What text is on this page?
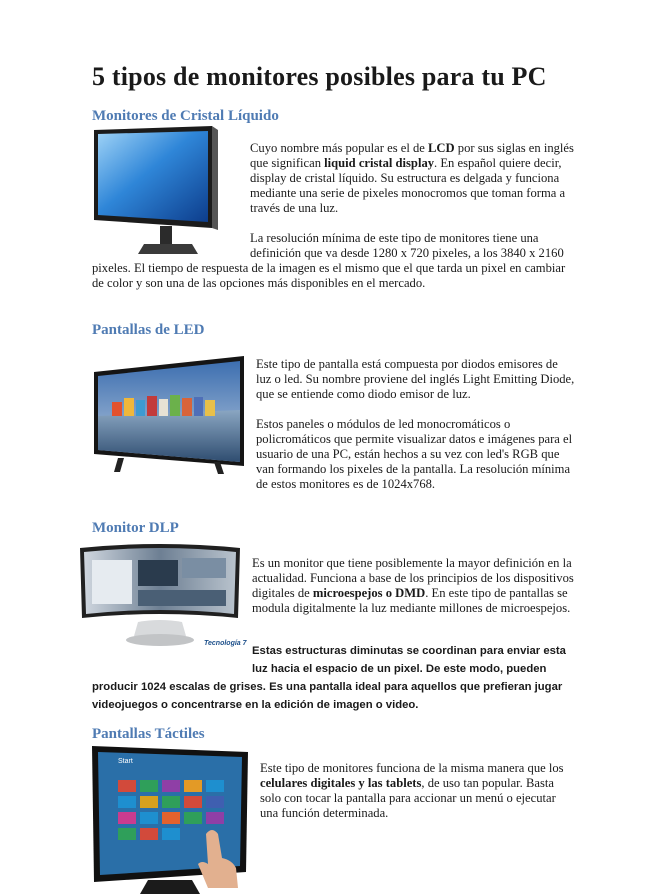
5 tipos de monitores posibles para tu PC
Monitores de Cristal Líquido

Cuyo nombre más popular es el de LCD por sus siglas en inglés que significan liquid cristal display. En español quiere decir, display de cristal líquido. Su estructura es delgada y funciona mediante una serie de pixeles monocromos que toman forma a través de una luz.

La resolución mínima de este tipo de monitores tiene una definición que va desde 1280 x 720 pixeles, a los 3840 x 2160 pixeles. El tiempo de respuesta de la imagen es el mismo que el que tarda un pixel en cambiar de color y son una de las opciones más disponibles en el mercado.

Pantallas de LED

Este tipo de pantalla está compuesta por diodos emisores de luz o led. Su nombre proviene del inglés Light Emitting Diode, que se entiende como diodo emisor de luz.

Estos paneles o módulos de led monocromáticos o policromáticos que permite visualizar datos e imágenes para el usuario de una PC, están hechos a su vez con led's RGB que van formando los pixeles de la pantalla. La resolución mínima de estos monitores es de 1024x768.

Monitor DLP
Tecnología 7
Es un monitor que tiene posiblemente la mayor definición en la actualidad. Funciona a base de los principios de los dispositivos digitales de microespejos o DMD. En este tipo de pantallas se modula digitalmente la luz mediante millones de microespejos.
Estas estructuras diminutas se coordinan para enviar esta luz hacia el espacio de un pixel. De este modo, pueden producir 1024 escalas de grises. Es una pantalla ideal para aquellos que prefieran jugar videojuegos o concentrarse en la edición de imagen o video.
Pantallas Táctiles
Start	Este tipo de monitores funciona de la misma manera que los celulares digitales y las tablets, de uso tan popular. Basta solo con tocar la pantalla para accionar un menú o ejecutar una función determinada.
